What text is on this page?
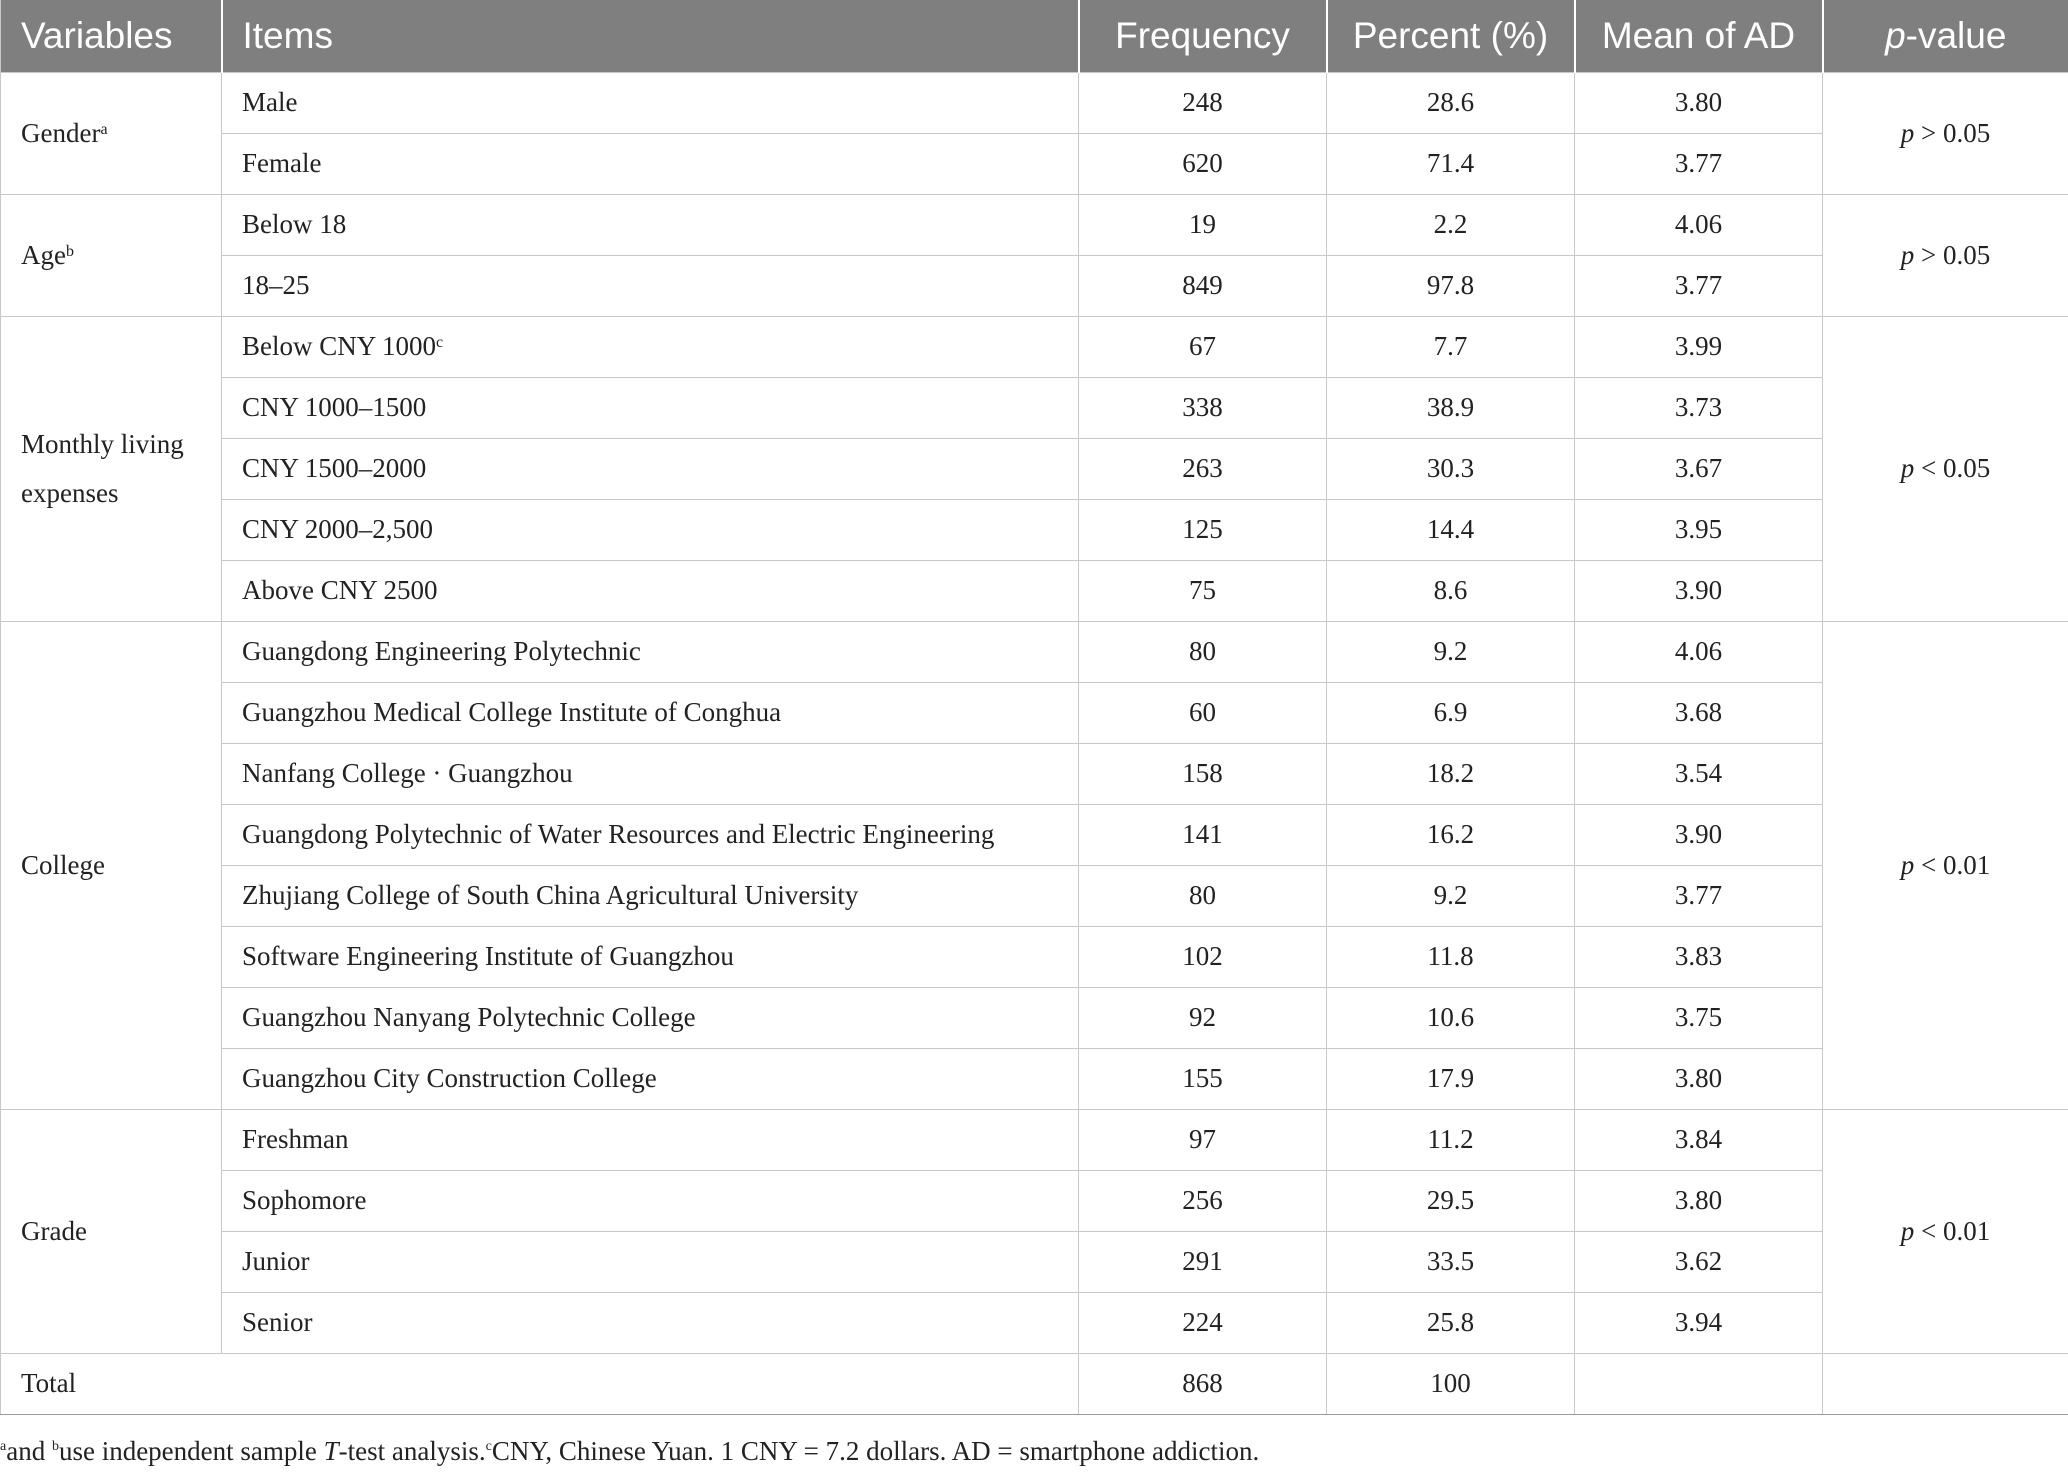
Variables	Items	Frequency	Percent (%)	Mean of AD	p-value
Gender$^a$	Male	248	28.6	3.80	p > 0.05
	Female	620	71.4	3.77	
Age$^b$	Below 18	19	2.2	4.06	p > 0.05
	18–25	849	97.8	3.77	
Monthly living expenses	Below CNY 1000$^c$	67	7.7	3.99	p < 0.05
	CNY 1000–1500	338	38.9	3.73	
	CNY 1500–2000	263	30.3	3.67	
	CNY 2000–2,500	125	14.4	3.95	
	Above CNY 2500	75	8.6	3.90	
College	Guangdong Engineering Polytechnic	80	9.2	4.06	p < 0.01
	Guangzhou Medical College Institute of Conghua	60	6.9	3.68	
	Nanfang College · Guangzhou	158	18.2	3.54	
	Guangdong Polytechnic of Water Resources and Electric Engineering	141	16.2	3.90	
	Zhujiang College of South China Agricultural University	80	9.2	3.77	
	Software Engineering Institute of Guangzhou	102	11.8	3.83	
	Guangzhou Nanyang Polytechnic College	92	10.6	3.75	
	Guangzhou City Construction College	155	17.9	3.80	
Grade	Freshman	97	11.2	3.84	p < 0.01
	Sophomore	256	29.5	3.80	
	Junior	291	33.5	3.62	
	Senior	224	25.8	3.94	
Total		868	100		
$^a$and $^b$use independent sample T-test analysis.$^c$CNY, Chinese Yuan. 1 CNY = 7.2 dollars. AD = smartphone addiction.
